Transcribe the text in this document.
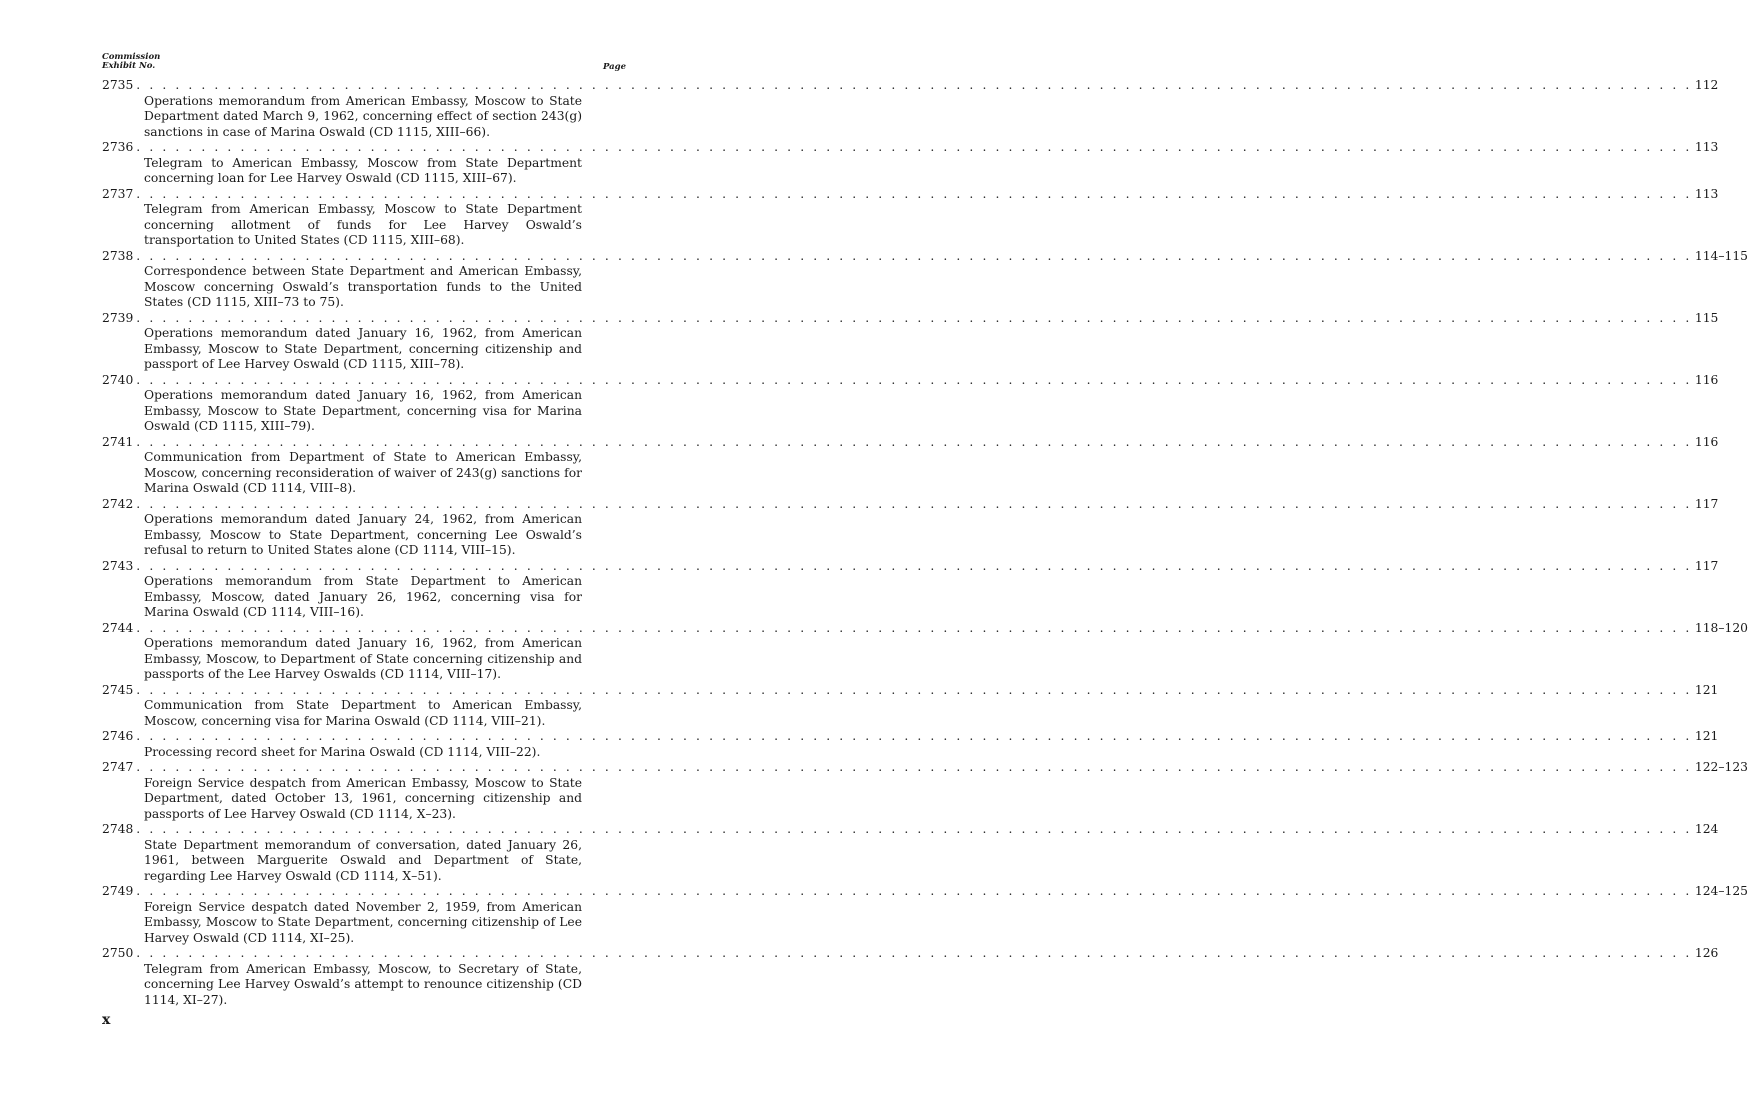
Commission
Exhibit No.	Page
2735 . . . . . . . . . . . . . . . . . . . . . . . . . . . . . . . . . . . . . . . . . . . . . . . . . . . . . . . . . . . . . . . . . . . . . . . . . . . . . . . . . . . . . . . . . . . . . . . . . . . . . . . . . . . . . . . . . . . . . . . . 112
Operations memorandum from American Embassy, Moscow to State Department dated March 9, 1962, concerning effect of section 243(g) sanctions in case of Marina Oswald (CD 1115, XIII–66).
2736 . . . . . . . . . . . . . . . . . . . . . . . . . . . . . . . . . . . . . . . . . . . . . . . . . . . . . . . . . . . . . . . . . . . . . . . . . . . . . . . . . . . . . . . . . . . . . . . . . . . . . . . . . . . . . . . . . . . . . . . . 113
Telegram to American Embassy, Moscow from State Department concerning loan for Lee Harvey Oswald (CD 1115, XIII–67).
2737 . . . . . . . . . . . . . . . . . . . . . . . . . . . . . . . . . . . . . . . . . . . . . . . . . . . . . . . . . . . . . . . . . . . . . . . . . . . . . . . . . . . . . . . . . . . . . . . . . . . . . . . . . . . . . . . . . . . . . . . . 113
Telegram from American Embassy, Moscow to State Department concerning allotment of funds for Lee Harvey Oswald’s transportation to United States (CD 1115, XIII–68).
2738 . . . . . . . . . . . . . . . . . . . . . . . . . . . . . . . . . . . . . . . . . . . . . . . . . . . . . . . . . . . . . . . . . . . . . . . . . . . . . . . . . . . . . . . . . . . . . . . . . . . . . . . . . . . . . . . . . . . . . . . . 114–115
Correspondence between State Department and American Embassy, Moscow concerning Oswald’s transportation funds to the United States (CD 1115, XIII–73 to 75).
2739 . . . . . . . . . . . . . . . . . . . . . . . . . . . . . . . . . . . . . . . . . . . . . . . . . . . . . . . . . . . . . . . . . . . . . . . . . . . . . . . . . . . . . . . . . . . . . . . . . . . . . . . . . . . . . . . . . . . . . . . . 115
Operations memorandum dated January 16, 1962, from American Embassy, Moscow to State Department, concerning citizenship and passport of Lee Harvey Oswald (CD 1115, XIII–78).
2740 . . . . . . . . . . . . . . . . . . . . . . . . . . . . . . . . . . . . . . . . . . . . . . . . . . . . . . . . . . . . . . . . . . . . . . . . . . . . . . . . . . . . . . . . . . . . . . . . . . . . . . . . . . . . . . . . . . . . . . . . 116
Operations memorandum dated January 16, 1962, from American Embassy, Moscow to State Department, concerning visa for Marina Oswald (CD 1115, XIII–79).
2741 . . . . . . . . . . . . . . . . . . . . . . . . . . . . . . . . . . . . . . . . . . . . . . . . . . . . . . . . . . . . . . . . . . . . . . . . . . . . . . . . . . . . . . . . . . . . . . . . . . . . . . . . . . . . . . . . . . . . . . . . 116
Communication from Department of State to American Embassy, Moscow, concerning reconsideration of waiver of 243(g) sanctions for Marina Oswald (CD 1114, VIII–8).
2742 . . . . . . . . . . . . . . . . . . . . . . . . . . . . . . . . . . . . . . . . . . . . . . . . . . . . . . . . . . . . . . . . . . . . . . . . . . . . . . . . . . . . . . . . . . . . . . . . . . . . . . . . . . . . . . . . . . . . . . . . 117
Operations memorandum dated January 24, 1962, from American Embassy, Moscow to State Department, concerning Lee Oswald’s refusal to return to United States alone (CD 1114, VIII–15).
2743 . . . . . . . . . . . . . . . . . . . . . . . . . . . . . . . . . . . . . . . . . . . . . . . . . . . . . . . . . . . . . . . . . . . . . . . . . . . . . . . . . . . . . . . . . . . . . . . . . . . . . . . . . . . . . . . . . . . . . . . . 117
Operations memorandum from State Department to American Embassy, Moscow, dated January 26, 1962, concerning visa for Marina Oswald (CD 1114, VIII–16).
2744 . . . . . . . . . . . . . . . . . . . . . . . . . . . . . . . . . . . . . . . . . . . . . . . . . . . . . . . . . . . . . . . . . . . . . . . . . . . . . . . . . . . . . . . . . . . . . . . . . . . . . . . . . . . . . . . . . . . . . . . . 118–120
Operations memorandum dated January 16, 1962, from American Embassy, Moscow, to Department of State concerning citizenship and passports of the Lee Harvey Oswalds (CD 1114, VIII–17).
2745 . . . . . . . . . . . . . . . . . . . . . . . . . . . . . . . . . . . . . . . . . . . . . . . . . . . . . . . . . . . . . . . . . . . . . . . . . . . . . . . . . . . . . . . . . . . . . . . . . . . . . . . . . . . . . . . . . . . . . . . . 121
Communication from State Department to American Embassy, Moscow, concerning visa for Marina Oswald (CD 1114, VIII–21).
2746 . . . . . . . . . . . . . . . . . . . . . . . . . . . . . . . . . . . . . . . . . . . . . . . . . . . . . . . . . . . . . . . . . . . . . . . . . . . . . . . . . . . . . . . . . . . . . . . . . . . . . . . . . . . . . . . . . . . . . . . . 121
Processing record sheet for Marina Oswald (CD 1114, VIII–22).
2747 . . . . . . . . . . . . . . . . . . . . . . . . . . . . . . . . . . . . . . . . . . . . . . . . . . . . . . . . . . . . . . . . . . . . . . . . . . . . . . . . . . . . . . . . . . . . . . . . . . . . . . . . . . . . . . . . . . . . . . . . 122–123
Foreign Service despatch from American Embassy, Moscow to State Department, dated October 13, 1961, concerning citizenship and passports of Lee Harvey Oswald (CD 1114, X–23).
2748 . . . . . . . . . . . . . . . . . . . . . . . . . . . . . . . . . . . . . . . . . . . . . . . . . . . . . . . . . . . . . . . . . . . . . . . . . . . . . . . . . . . . . . . . . . . . . . . . . . . . . . . . . . . . . . . . . . . . . . . . 124
State Department memorandum of conversation, dated January 26, 1961, between Marguerite Oswald and Department of State, regarding Lee Harvey Oswald (CD 1114, X–51).
2749 . . . . . . . . . . . . . . . . . . . . . . . . . . . . . . . . . . . . . . . . . . . . . . . . . . . . . . . . . . . . . . . . . . . . . . . . . . . . . . . . . . . . . . . . . . . . . . . . . . . . . . . . . . . . . . . . . . . . . . . . 124–125
Foreign Service despatch dated November 2, 1959, from American Embassy, Moscow to State Department, concerning citizenship of Lee Harvey Oswald (CD 1114, XI–25).
2750 . . . . . . . . . . . . . . . . . . . . . . . . . . . . . . . . . . . . . . . . . . . . . . . . . . . . . . . . . . . . . . . . . . . . . . . . . . . . . . . . . . . . . . . . . . . . . . . . . . . . . . . . . . . . . . . . . . . . . . . . 126
Telegram from American Embassy, Moscow, to Secretary of State, concerning Lee Harvey Oswald’s attempt to renounce citizenship (CD 1114, XI–27).
x
